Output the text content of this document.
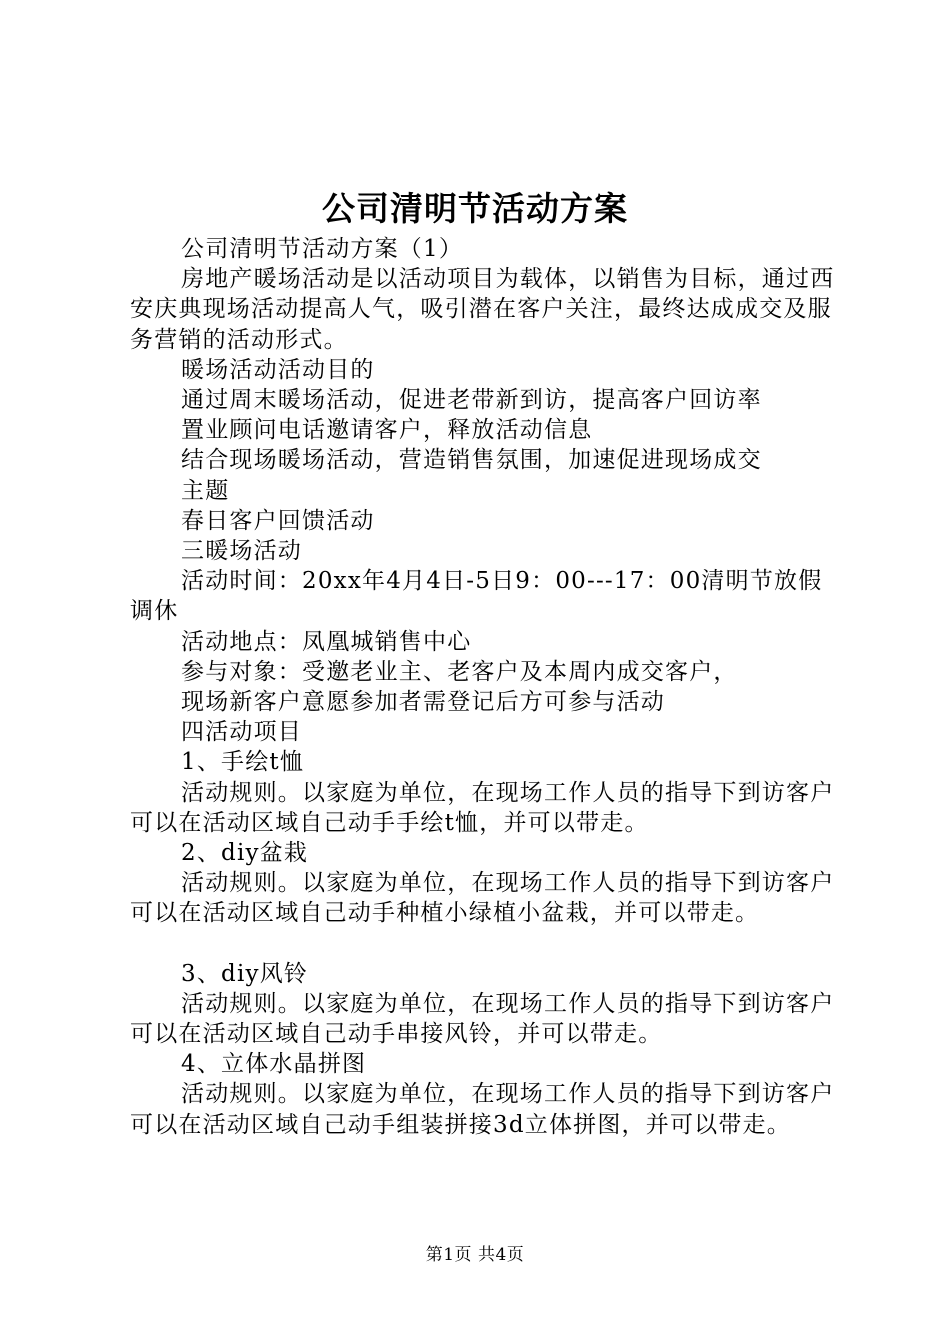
公司清明节活动方案

公司清明节活动方案（1）

房地产暖场活动是以活动项目为载体，以销售为目标，通过西安庆典现场活动提高人气，吸引潜在客户关注，最终达成成交及服务营销的活动形式。

暖场活动活动目的

通过周末暖场活动，促进老带新到访，提高客户回访率

置业顾问电话邀请客户，释放活动信息

结合现场暖场活动，营造销售氛围，加速促进现场成交

主题

春日客户回馈活动

三暖场活动

活动时间：20xx年4月4日-5日9：00---17：00清明节放假调休

活动地点：凤凰城销售中心

参与对象：受邀老业主、老客户及本周内成交客户，

现场新客户意愿参加者需登记后方可参与活动

四活动项目

1、手绘t恤

活动规则。以家庭为单位，在现场工作人员的指导下到访客户可以在活动区域自己动手手绘t恤，并可以带走。

2、diy盆栽

活动规则。以家庭为单位，在现场工作人员的指导下到访客户可以在活动区域自己动手种植小绿植小盆栽，并可以带走。

3、diy风铃

活动规则。以家庭为单位，在现场工作人员的指导下到访客户可以在活动区域自己动手串接风铃，并可以带走。

4、立体水晶拼图

活动规则。以家庭为单位，在现场工作人员的指导下到访客户可以在活动区域自己动手组装拼接3d立体拼图，并可以带走。

第1页 共4页
